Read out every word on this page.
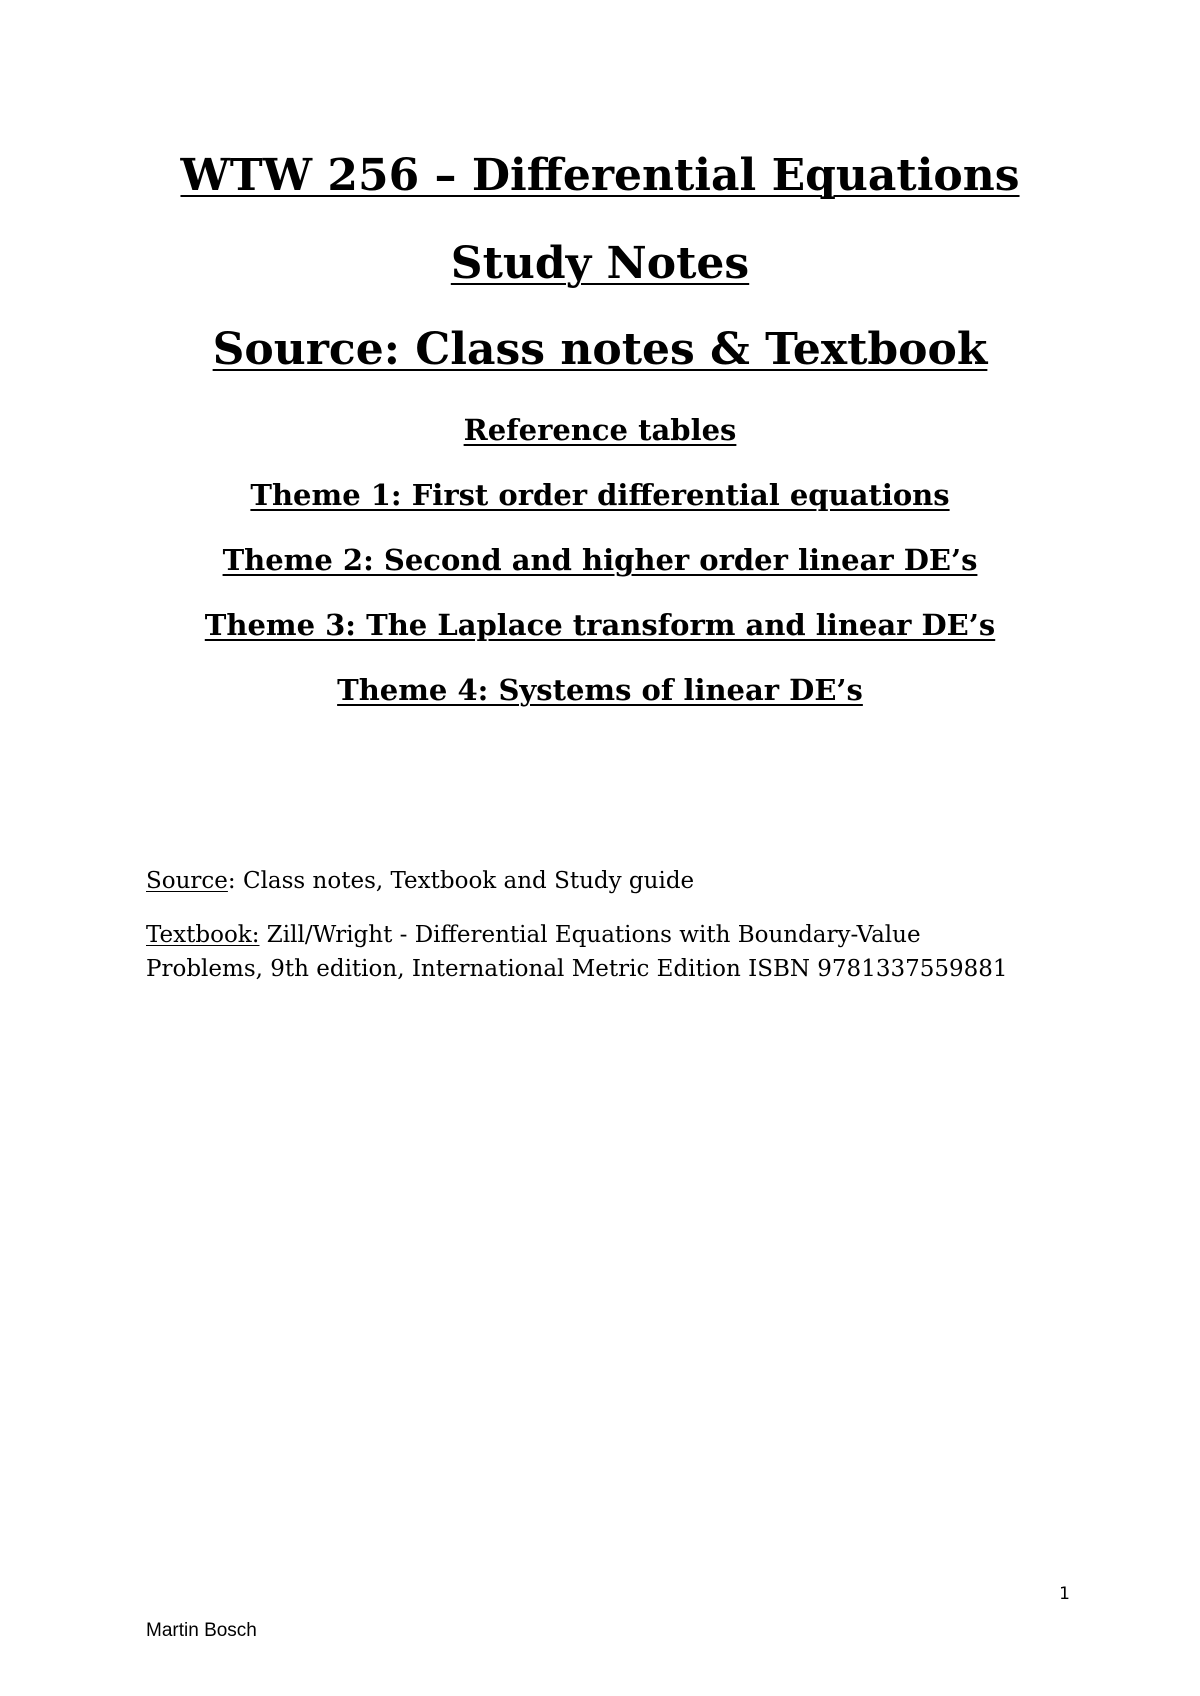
WTW 256 – Differential Equations
Study Notes
Source: Class notes & Textbook
Reference tables
Theme 1: First order differential equations
Theme 2: Second and higher order linear DE’s
Theme 3: The Laplace transform and linear DE’s
Theme 4: Systems of linear DE’s
Source: Class notes, Textbook and Study guide
Textbook: Zill/Wright - Differential Equations with Boundary-Value
Problems, 9th edition, International Metric Edition ISBN 9781337559881
1
Martin Bosch
